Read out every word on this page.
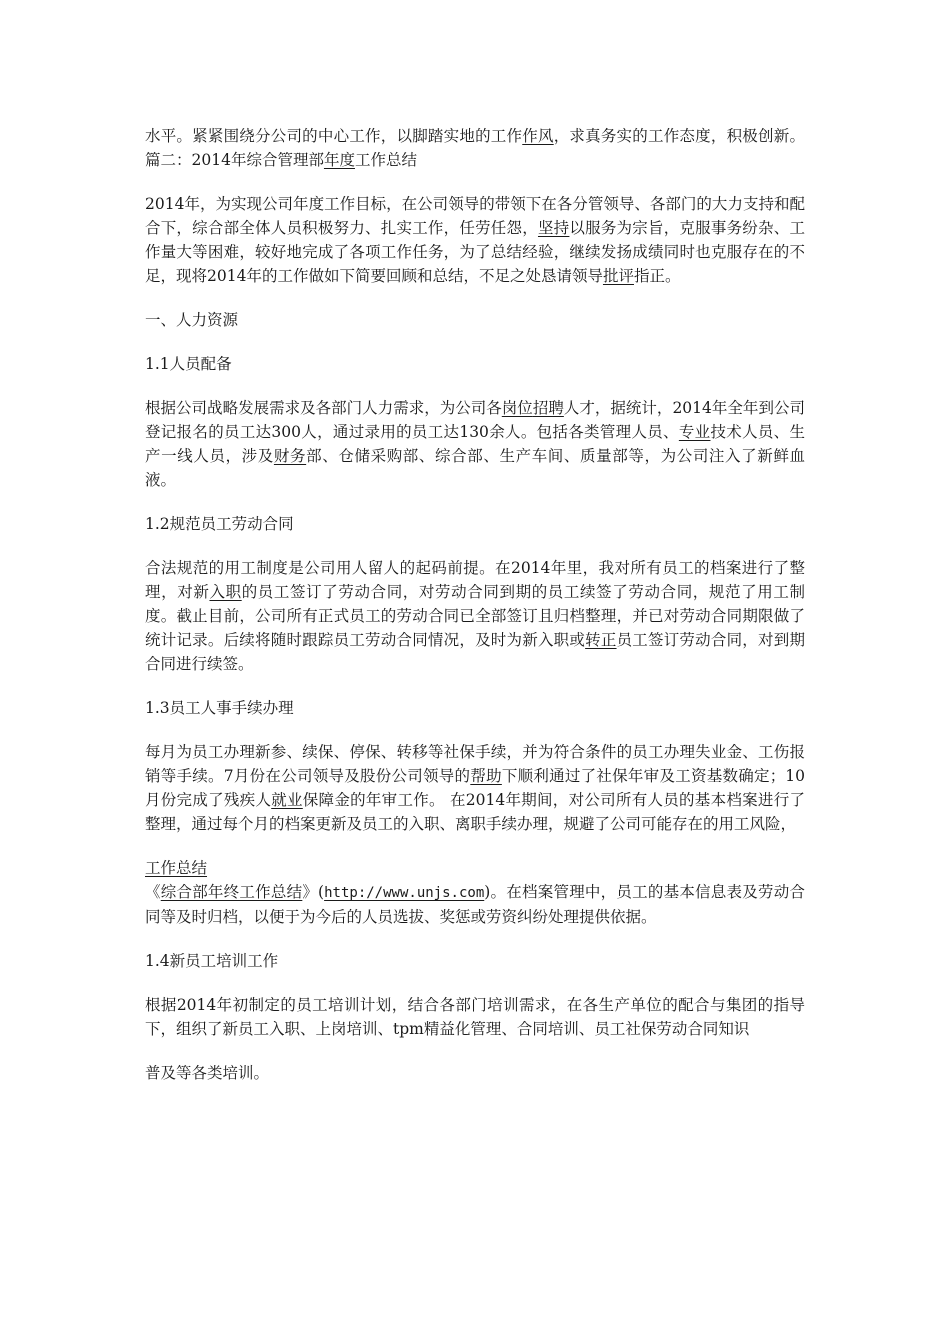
水平。紧紧围绕分公司的中心工作，以脚踏实地的工作作风，求真务实的工作态度，积极创新。篇二：2014年综合管理部年度工作总结

2014年，为实现公司年度工作目标，在公司领导的带领下在各分管领导、各部门的大力支持和配合下，综合部全体人员积极努力、扎实工作，任劳任怨，坚持以服务为宗旨，克服事务纷杂、工作量大等困难，较好地完成了各项工作任务，为了总结经验，继续发扬成绩同时也克服存在的不足，现将2014年的工作做如下简要回顾和总结，不足之处恳请领导批评指正。

一、人力资源

1.1人员配备

根据公司战略发展需求及各部门人力需求，为公司各岗位招聘人才，据统计，2014年全年到公司登记报名的员工达300人，通过录用的员工达130余人。包括各类管理人员、专业技术人员、生产一线人员，涉及财务部、仓储采购部、综合部、生产车间、质量部等，为公司注入了新鲜血液。

1.2规范员工劳动合同

合法规范的用工制度是公司用人留人的起码前提。在2014年里，我对所有员工的档案进行了整理，对新入职的员工签订了劳动合同，对劳动合同到期的员工续签了劳动合同，规范了用工制度。截止目前，公司所有正式员工的劳动合同已全部签订且归档整理，并已对劳动合同期限做了统计记录。后续将随时跟踪员工劳动合同情况，及时为新入职或转正员工签订劳动合同，对到期合同进行续签。

1.3员工人事手续办理

每月为员工办理新参、续保、停保、转移等社保手续，并为符合条件的员工办理失业金、工伤报销等手续。7月份在公司领导及股份公司领导的帮助下顺利通过了社保年审及工资基数确定；10月份完成了残疾人就业保障金的年审工作。 在2014年期间，对公司所有人员的基本档案进行了整理，通过每个月的档案更新及员工的入职、离职手续办理，规避了公司可能存在的用工风险，

工作总结

《综合部年终工作总结》(http://www.unjs.com)。在档案管理中，员工的基本信息表及劳动合同等及时归档，以便于为今后的人员选拔、奖惩或劳资纠纷处理提供依据。

1.4新员工培训工作

根据2014年初制定的员工培训计划，结合各部门培训需求，在各生产单位的配合与集团的指导下，组织了新员工入职、上岗培训、tpm精益化管理、合同培训、员工社保劳动合同知识

普及等各类培训。
